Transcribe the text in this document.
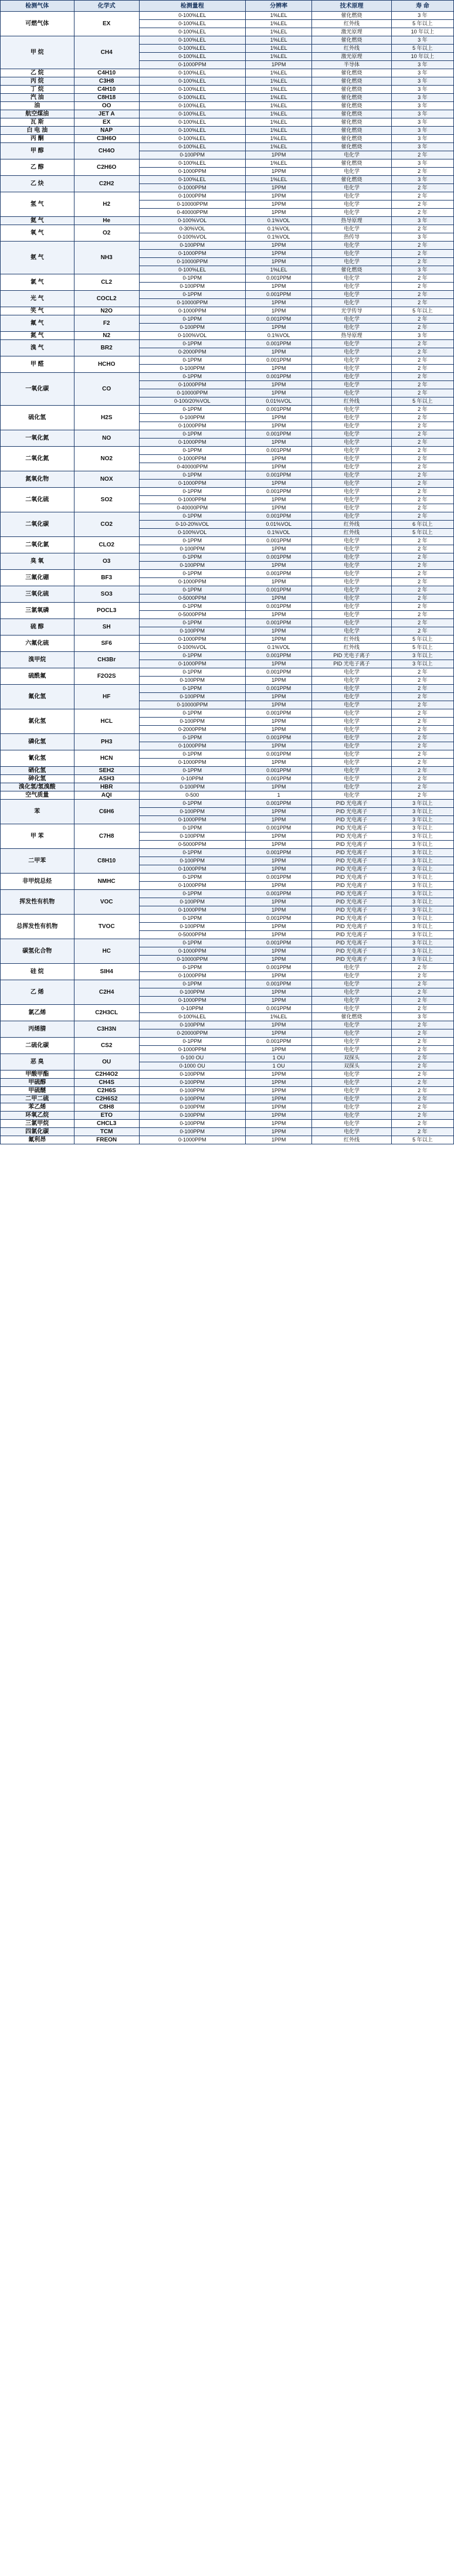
检测气体	化学式	检测量程	分辨率	技术原理	寿 命
可燃气体	EX	0-100%LEL	1%LEL	催化燃烧	3 年
		0-100%LEL	1%LEL	红外线	5 年以上
		0-100%LEL	1%LEL	激光原理	10 年以上
甲 烷	CH4	0-100%LEL	1%LEL	催化燃烧	3 年
		0-100%LEL	1%LEL	红外线	5 年以上
		0-100%LEL	1%LEL	激光原理	10 年以上
		0-1000PPM	1PPM	半导体	3 年
乙 烷	C4H10	0-100%LEL	1%LEL	催化燃烧	3 年
丙 烷	C3H8	0-100%LEL	1%LEL	催化燃烧	3 年
丁 烷	C4H10	0-100%LEL	1%LEL	催化燃烧	3 年
汽 油	C8H18	0-100%LEL	1%LEL	催化燃烧	3 年
油	OO	0-100%LEL	1%LEL	催化燃烧	3 年
航空煤油	JET A	0-100%LEL	1%LEL	催化燃烧	3 年
瓦 斯	EX	0-100%LEL	1%LEL	催化燃烧	3 年
白 电 油	NAP	0-100%LEL	1%LEL	催化燃烧	3 年
丙 酮	C3H6O	0-100%LEL	1%LEL	催化燃烧	3 年
甲 醇	CH4O	0-100%LEL	1%LEL	催化燃烧	3 年
		0-100PPM	1PPM	电化学	2 年
乙 醇	C2H6O	0-100%LEL	1%LEL	催化燃烧	3 年
		0-1000PPM	1PPM	电化学	2 年
乙 炔	C2H2	0-100%LEL	1%LEL	催化燃烧	3 年
		0-1000PPM	1PPM	电化学	2 年
氢 气	H2	0-1000PPM	1PPM	电化学	2 年
		0-10000PPM	1PPM	电化学	2 年
		0-40000PPM	1PPM	电化学	2 年
氦 气	He	0-100%VOL	0.1%VOL	热导原理	3 年
氧 气	O2	0-30%VOL	0.1%VOL	电化学	2 年
		0-100%VOL	0.1%VOL	热传导	3 年
氨 气	NH3	0-100PPM	1PPM	电化学	2 年
		0-1000PPM	1PPM	电化学	2 年
		0-10000PPM	1PPM	电化学	2 年
		0-100%LEL	1%LEL	催化燃烧	3 年
氯 气	CL2	0-1PPM	0.001PPM	电化学	2 年
		0-100PPM	1PPM	电化学	2 年
光 气	COCL2	0-1PPM	0.001PPM	电化学	2 年
		0-10000PPM	1PPM	电化学	2 年
笑 气	N2O	0-1000PPM	1PPM	光学传导	5 年以上
氟 气	F2	0-1PPM	0.001PPM	电化学	2 年
		0-100PPM	1PPM	电化学	2 年
氮 气	N2	0-100%VOL	0.1%VOL	热导原理	3 年
溴 气	BR2	0-1PPM	0.001PPM	电化学	2 年
		0-2000PPM	1PPM	电化学	2 年
甲 醛	HCHO	0-1PPM	0.001PPM	电化学	2 年
		0-100PPM	1PPM	电化学	2 年
一氧化碳	CO	0-1PPM	0.001PPM	电化学	2 年
		0-1000PPM	1PPM	电化学	2 年
		0-10000PPM	1PPM	电化学	2 年
		0-100/20%VOL	0.01%VOL	红外线	5 年以上
硫化氢	H2S	0-1PPM	0.001PPM	电化学	2 年
		0-100PPM	1PPM	电化学	2 年
		0-1000PPM	1PPM	电化学	2 年
一氧化氮	NO	0-1PPM	0.001PPM	电化学	2 年
		0-1000PPM	1PPM	电化学	2 年
二氧化氮	NO2	0-1PPM	0.001PPM	电化学	2 年
		0-1000PPM	1PPM	电化学	2 年
		0-40000PPM	1PPM	电化学	2 年
氮氧化物	NOX	0-1PPM	0.001PPM	电化学	2 年
		0-1000PPM	1PPM	电化学	2 年
二氧化硫	SO2	0-1PPM	0.001PPM	电化学	2 年
		0-1000PPM	1PPM	电化学	2 年
		0-40000PPM	1PPM	电化学	2 年
二氧化碳	CO2	0-1PPM	0.001PPM	电化学	2 年
		0-10-20%VOL	0.01%VOL	红外线	6 年以上
		0-100%VOL	0.1%VOL	红外线	5 年以上
二氧化氯	CLO2	0-1PPM	0.001PPM	电化学	2 年
		0-100PPM	1PPM	电化学	2 年
臭 氧	O3	0-1PPM	0.001PPM	电化学	2 年
		0-100PPM	1PPM	电化学	2 年
三氟化硼	BF3	0-1PPM	0.001PPM	电化学	2 年
		0-1000PPM	1PPM	电化学	2 年
三氧化硫	SO3	0-1PPM	0.001PPM	电化学	2 年
		0-5000PPM	1PPM	电化学	2 年
三氯氧磷	POCL3	0-1PPM	0.001PPM	电化学	2 年
		0-5000PPM	1PPM	电化学	2 年
硫 醇	SH	0-1PPM	0.001PPM	电化学	2 年
		0-100PPM	1PPM	电化学	2 年
六氟化硫	SF6	0-1000PPM	1PPM	红外线	5 年以上
		0-100%VOL	0.1%VOL	红外线	5 年以上
溴甲烷	CH3Br	0-1PPM	0.001PPM	PID 光电子离子	3 年以上
		0-1000PPM	1PPM	PID 光电子离子	3 年以上
硫酰氟	F2O2S	0-1PPM	0.001PPM	电化学	2 年
		0-100PPM	1PPM	电化学	2 年
氟化氢	HF	0-1PPM	0.001PPM	电化学	2 年
		0-100PPM	1PPM	电化学	2 年
		0-10000PPM	1PPM	电化学	2 年
氯化氢	HCL	0-1PPM	0.001PPM	电化学	2 年
		0-100PPM	1PPM	电化学	2 年
		0-2000PPM	1PPM	电化学	2 年
磷化氢	PH3	0-1PPM	0.001PPM	电化学	2 年
		0-1000PPM	1PPM	电化学	2 年
氰化氢	HCN	0-1PPM	0.001PPM	电化学	2 年
		0-1000PPM	1PPM	电化学	2 年
硒化氢	SEH2	0-1PPM	0.001PPM	电化学	2 年
砷化氢	ASH3	0-10PPM	0.001PPM	电化学	2 年
溴化氢/氢溴酸	HBR	0-100PPM	1PPM	电化学	2 年
空气质量	AQI	0-500	1	电化学	2 年
苯	C6H6	0-1PPM	0.001PPM	PID 光电离子	3 年以上
		0-100PPM	1PPM	PID 光电离子	3 年以上
		0-1000PPM	1PPM	PID 光电离子	3 年以上
甲 苯	C7H8	0-1PPM	0.001PPM	PID 光电离子	3 年以上
		0-100PPM	1PPM	PID 光电离子	3 年以上
		0-5000PPM	1PPM	PID 光电离子	3 年以上
二甲苯	C8H10	0-1PPM	0.001PPM	PID 光电离子	3 年以上
		0-100PPM	1PPM	PID 光电离子	3 年以上
		0-1000PPM	1PPM	PID 光电离子	3 年以上
非甲烷总烃	NMHC	0-1PPM	0.001PPM	PID 光电离子	3 年以上
		0-1000PPM	1PPM	PID 光电离子	3 年以上
挥发性有机物	VOC	0-1PPM	0.001PPM	PID 光电离子	3 年以上
		0-100PPM	1PPM	PID 光电离子	3 年以上
		0-1000PPM	1PPM	PID 光电离子	3 年以上
总挥发性有机物	TVOC	0-1PPM	0.001PPM	PID 光电离子	3 年以上
		0-100PPM	1PPM	PID 光电离子	3 年以上
		0-5000PPM	1PPM	PID 光电离子	3 年以上
碳氢化合物	HC	0-1PPM	0.001PPM	PID 光电离子	3 年以上
		0-1000PPM	1PPM	PID 光电离子	3 年以上
		0-10000PPM	1PPM	PID 光电离子	3 年以上
硅 烷	SIH4	0-1PPM	0.001PPM	电化学	2 年
		0-1000PPM	1PPM	电化学	2 年
乙 烯	C2H4	0-1PPM	0.001PPM	电化学	2 年
		0-100PPM	1PPM	电化学	2 年
		0-1000PPM	1PPM	电化学	2 年
氯乙烯	C2H3CL	0-10PPM	0.001PPM	电化学	2 年
		0-100%LEL	1%LEL	催化燃烧	3 年
丙烯腈	C3H3N	0-100PPM	1PPM	电化学	2 年
		0-20000PPM	1PPM	电化学	2 年
二硫化碳	CS2	0-1PPM	0.001PPM	电化学	2 年
		0-1000PPM	1PPM	电化学	2 年
恶 臭	OU	0-100 OU	1 OU	双探头	2 年
		0-1000 OU	1 OU	双探头	2 年
甲酸甲酯	C2H4O2	0-100PPM	1PPM	电化学	2 年
甲硫醇	CH4S	0-100PPM	1PPM	电化学	2 年
甲硫醚	C2H6S	0-100PPM	1PPM	电化学	2 年
二甲二硫	C2H6S2	0-100PPM	1PPM	电化学	2 年
苯乙烯	C8H8	0-100PPM	1PPM	电化学	2 年
环氧乙烷	ETO	0-100PPM	1PPM	电化学	2 年
三氯甲烷	CHCL3	0-100PPM	1PPM	电化学	2 年
四氯化碳	TCM	0-100PPM	1PPM	电化学	2 年
氟利昂	FREON	0-1000PPM	1PPM	红外线	5 年以上
